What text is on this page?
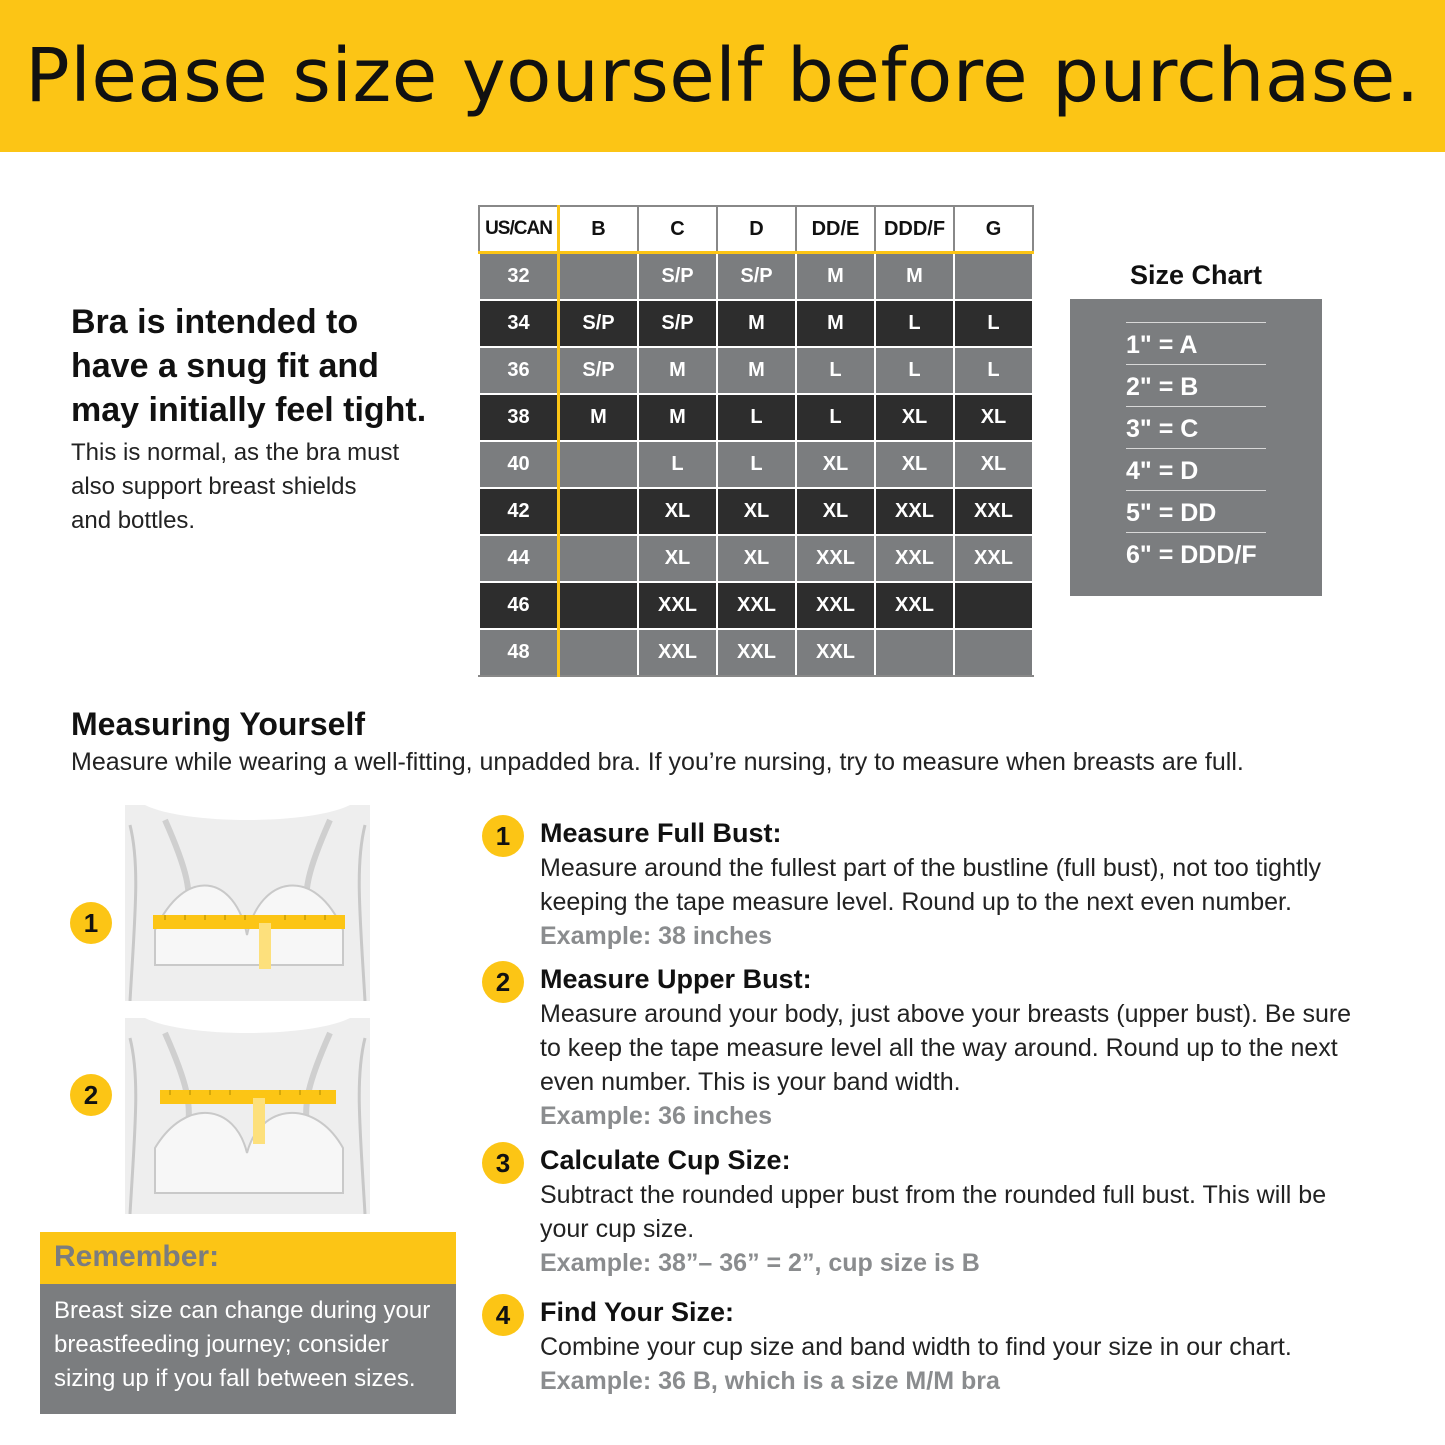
Please size yourself before purchase.
Bra is intended to
have a snug fit and
may initially feel tight.
This is normal, as the bra must
also support breast shields
and bottles.
US/CAN	B	C	D	DD/E	DDD/F	G
32		S/P	S/P	M	M	
34	S/P	S/P	M	M	L	L
36	S/P	M	M	L	L	L
38	M	M	L	L	XL	XL
40		L	L	XL	XL	XL
42		XL	XL	XL	XXL	XXL
44		XL	XL	XXL	XXL	XXL
46		XXL	XXL	XXL	XXL	
48		XXL	XXL	XXL		
Size Chart
1" = A
2" = B
3" = C
4" = D
5" = DD
6" = DDD/F
Measuring Yourself
Measure while wearing a well-fitting, unpadded bra. If you’re nursing, try to measure when breasts are full.
1
2
Remember:

Breast size can change during your
breastfeeding journey; consider
sizing up if you fall between sizes.

1	Measure Full Bust:

Measure around the fullest part of the bustline (full bust), not too tightly

keeping the tape measure level. Round up to the next even number.

Example: 38 inches

2	Measure Upper Bust:

Measure around your body, just above your breasts (upper bust). Be sure

to keep the tape measure level all the way around. Round up to the next

even number. This is your band width.

Example: 36 inches

3	Calculate Cup Size:

Subtract the rounded upper bust from the rounded full bust. This will be

your cup size.

Example: 38”– 36” = 2”, cup size is B

4	Find Your Size:

Combine your cup size and band width to find your size in our chart.

Example: 36 B, which is a size M/M bra
